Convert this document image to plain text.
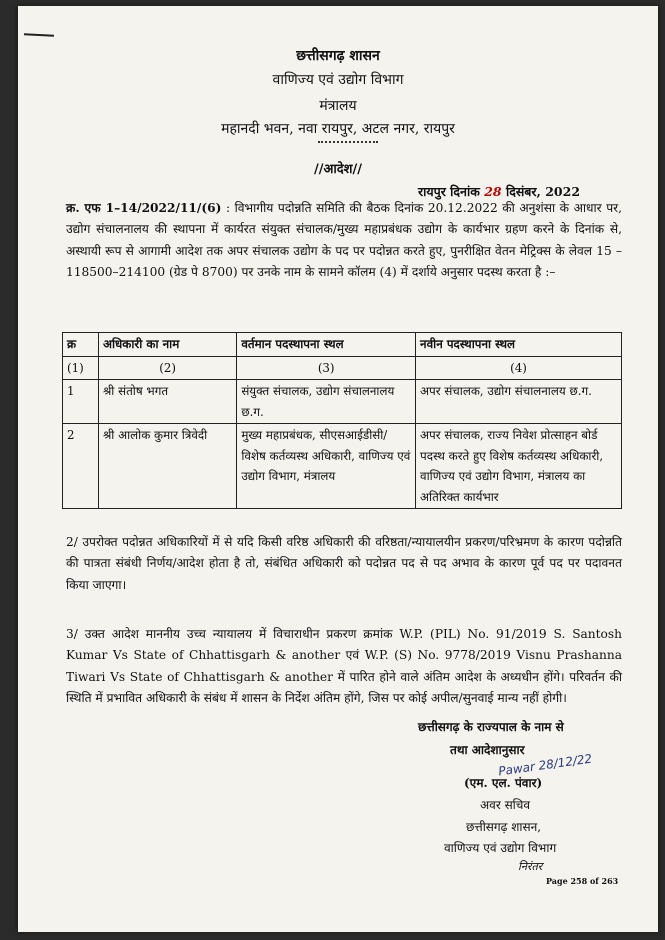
छत्तीसगढ़ शासन
वाणिज्य एवं उद्योग विभाग
मंत्रालय
महानदी भवन, नवा रायपुर, अटल नगर, रायपुर
//आदेश//
रायपुर दिनांक 28 दिसंबर, 2022
क्र. एफ 1–14/2022/11/(6) : विभागीय पदोन्नति समिति की बैठक दिनांक 20.12.2022 की अनुशंसा के आधार पर, उद्योग संचालनालय की स्थापना में कार्यरत संयुक्त संचालक/मुख्य महाप्रबंधक उद्योग के कार्यभार ग्रहण करने के दिनांक से, अस्थायी रूप से आगामी आदेश तक अपर संचालक उद्योग के पद पर पदोन्नत करते हुए, पुनरीक्षित वेतन मेट्रिक्स के लेवल 15 – 118500–214100 (ग्रेड पे 8700) पर उनके नाम के सामने कॉलम (4) में दर्शाये अनुसार पदस्थ करता है :–
क्र	अधिकारी का नाम	वर्तमान पदस्थापना स्थल	नवीन पदस्थापना स्थल
(1)	(2)	(3)	(4)
1	श्री संतोष भगत	संयुक्त संचालक, उद्योग संचालनालय छ.ग.	अपर संचालक, उद्योग संचालनालय छ.ग.
2	श्री आलोक कुमार त्रिवेदी	मुख्य महाप्रबंधक, सीएसआईडीसी/विशेष कर्तव्यस्थ अधिकारी, वाणिज्य एवं उद्योग विभाग, मंत्रालय	अपर संचालक, राज्य निवेश प्रोत्साहन बोर्ड पदस्थ करते हुए विशेष कर्तव्यस्थ अधिकारी, वाणिज्य एवं उद्योग विभाग, मंत्रालय का अतिरिक्त कार्यभार
2/ उपरोक्त पदोन्नत अधिकारियों में से यदि किसी वरिष्ठ अधिकारी की वरिष्ठता/न्यायालयीन प्रकरण/परिभ्रमण के कारण पदोन्नति की पात्रता संबंधी निर्णय/आदेश होता है तो, संबंधित अधिकारी को पदोन्नत पद से पद अभाव के कारण पूर्व पद पर पदावनत किया जाएगा।
3/ उक्त आदेश माननीय उच्च न्यायालय में विचाराधीन प्रकरण क्रमांक W.P. (PIL) No. 91/2019 S. Santosh Kumar Vs State of Chhattisgarh & another एवं W.P. (S) No. 9778/2019 Visnu Prashanna Tiwari Vs State of Chhattisgarh & another में पारित होने वाले अंतिम आदेश के अध्यधीन होंगे। परिवर्तन की स्थिति में प्रभावित अधिकारी के संबंध में शासन के निर्देश अंतिम होंगे, जिस पर कोई अपील/सुनवाई मान्य नहीं होगी।
छत्तीसगढ़ के राज्यपाल के नाम से
तथा आदेशानुसार
Pawar 28/12/22
(एम. एल. पंवार)
अवर सचिव
छत्तीसगढ़ शासन,
वाणिज्य एवं उद्योग विभाग
निरंतर
Page 258 of 263
